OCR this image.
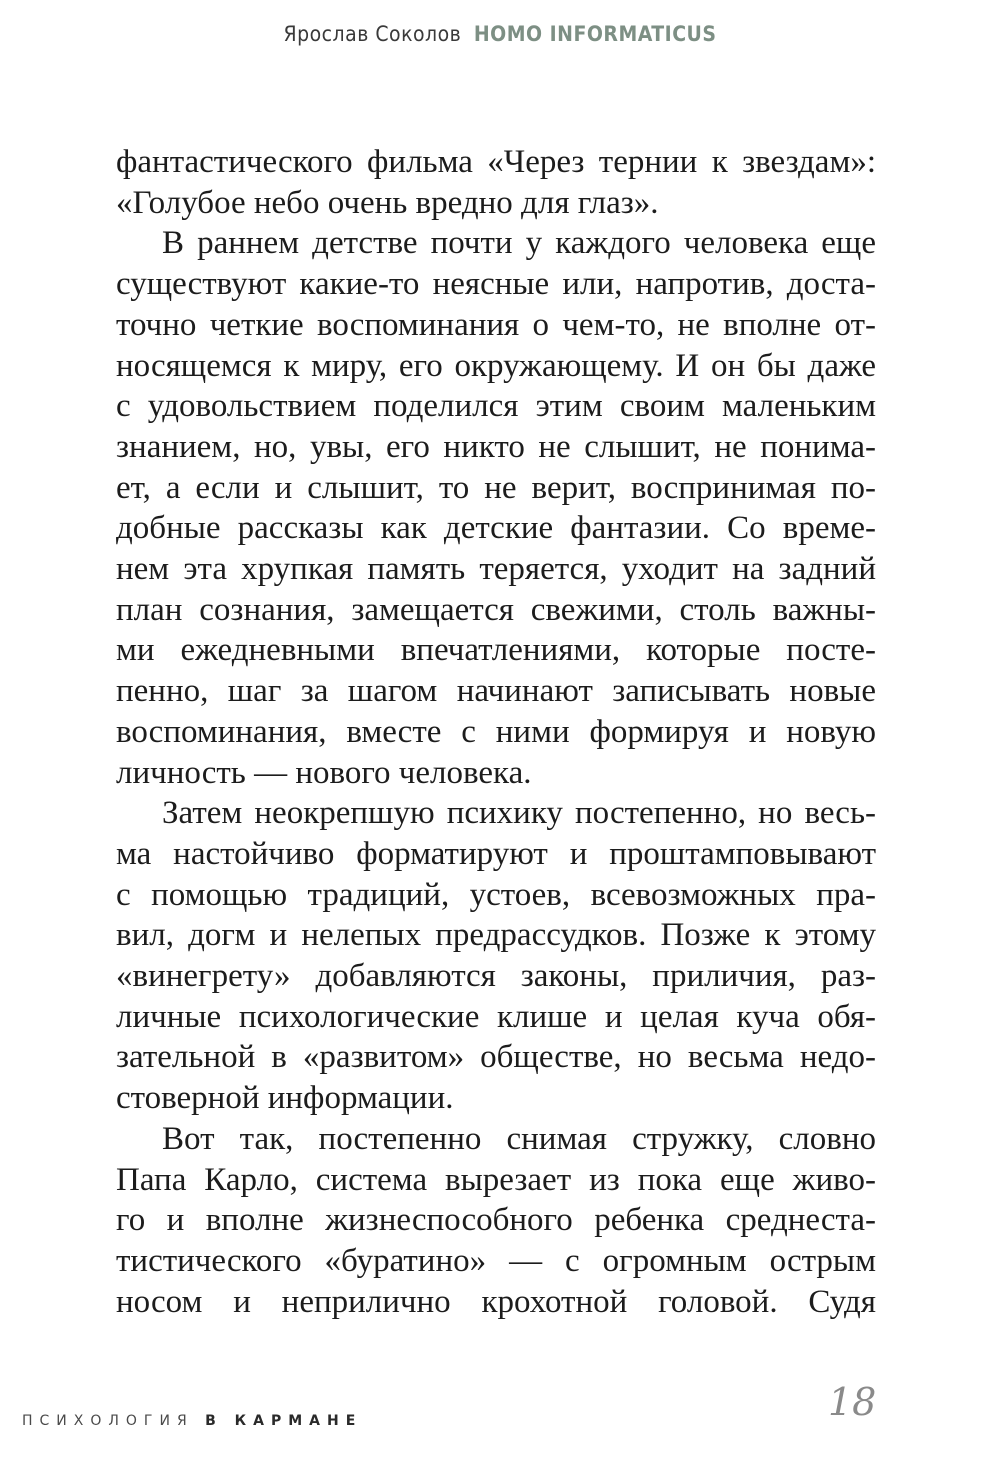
Ярослав Соколов HOMO INFORMATICUS

фантастического фильма «Через тернии к звездам»:
«Голубое небо очень вредно для глаз».

В раннем детстве почти у каждого человека еще
существуют какие-то неясные или, напротив, доста-
точно четкие воспоминания о чем-то, не вполне от-
носящемся к миру, его окружающему. И он бы даже
с удовольствием поделился этим своим маленьким
знанием, но, увы, его никто не слышит, не понима-
ет, а если и слышит, то не верит, воспринимая по-
добные рассказы как детские фантазии. Со време-
нем эта хрупкая память теряется, уходит на задний
план сознания, замещается свежими, столь важны-
ми ежедневными впечатлениями, которые посте-
пенно, шаг за шагом начинают записывать новые
воспоминания, вместе с ними формируя и новую
личность — нового человека.

Затем неокрепшую психику постепенно, но весь-
ма настойчиво форматируют и проштамповывают
с помощью традиций, устоев, всевозможных пра-
вил, догм и нелепых предрассудков. Позже к этому
«винегрету» добавляются законы, приличия, раз-
личные психологические клише и целая куча обя-
зательной в «развитом» обществе, но весьма недо-
стоверной информации.

Вот так, постепенно снимая стружку, словно
Папа Карло, система вырезает из пока еще живо-
го и вполне жизнеспособного ребенка среднеста-
тистического «буратино» — с огромным острым
носом и неприлично крохотной головой. Судя

ПСИХОЛОГИЯ В КАРМАНЕ	18
